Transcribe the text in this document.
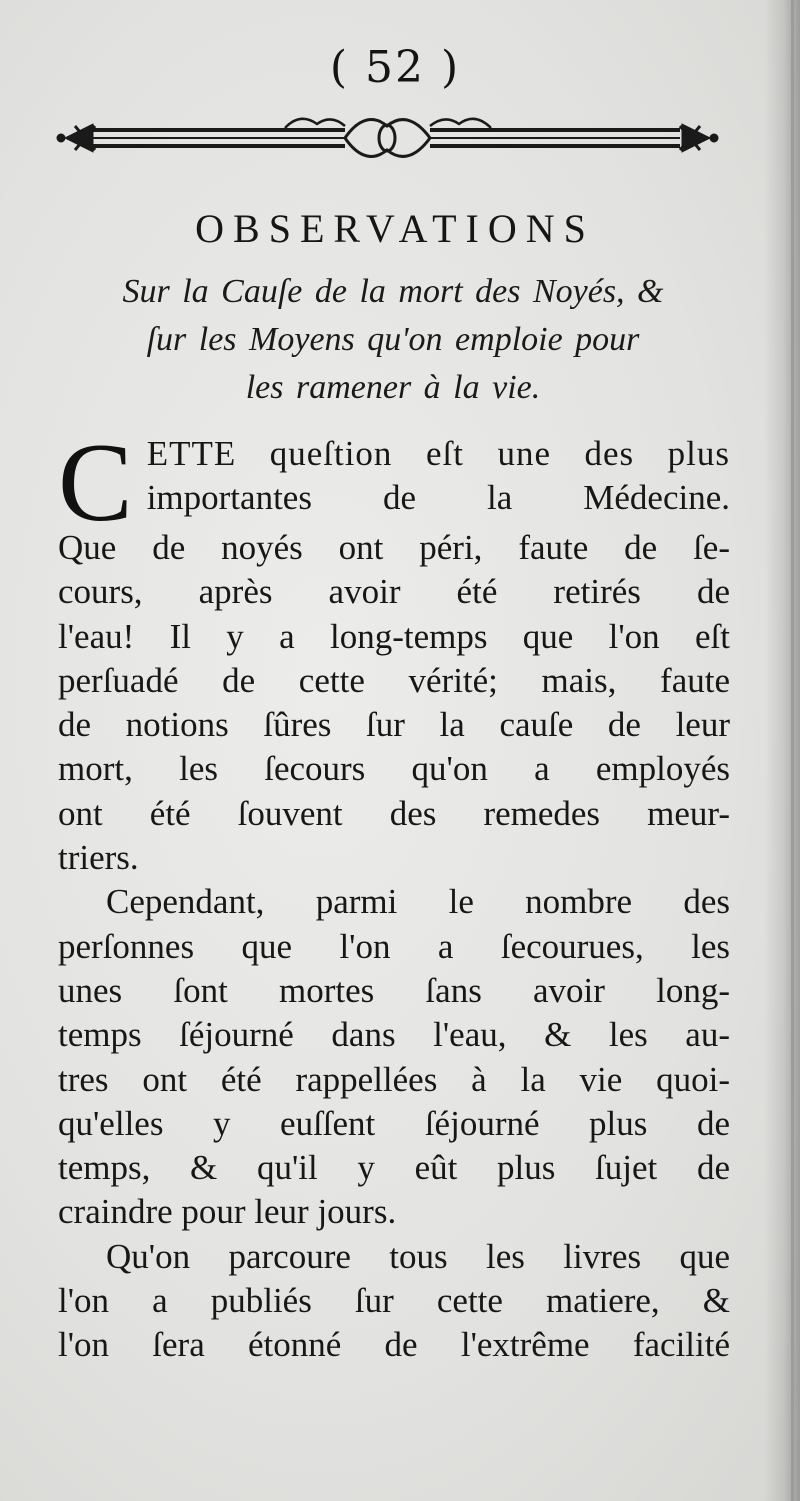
( 52 )
OBSERVATIONS
Sur la Cauſe de la mort des Noyés, &
ſur les Moyens qu'on emploie pour
les ramener à la vie.
C ETTE queſtion eſt une des plus
importantes de la Médecine.
Que de noyés ont péri, faute de ſe-
cours, après avoir été retirés de
l'eau! Il y a long-temps que l'on eſt
perſuadé de cette vérité; mais, faute
de notions ſûres ſur la cauſe de leur
mort, les ſecours qu'on a employés
ont été ſouvent des remedes meur-
triers.
Cependant, parmi le nombre des
perſonnes que l'on a ſecourues, les
unes ſont mortes ſans avoir long-
temps ſéjourné dans l'eau, & les au-
tres ont été rappellées à la vie quoi-
qu'elles y euſſent ſéjourné plus de
temps, & qu'il y eût plus ſujet de
craindre pour leur jours.
Qu'on parcoure tous les livres que
l'on a publiés ſur cette matiere, &
l'on ſera étonné de l'extrême facilité
